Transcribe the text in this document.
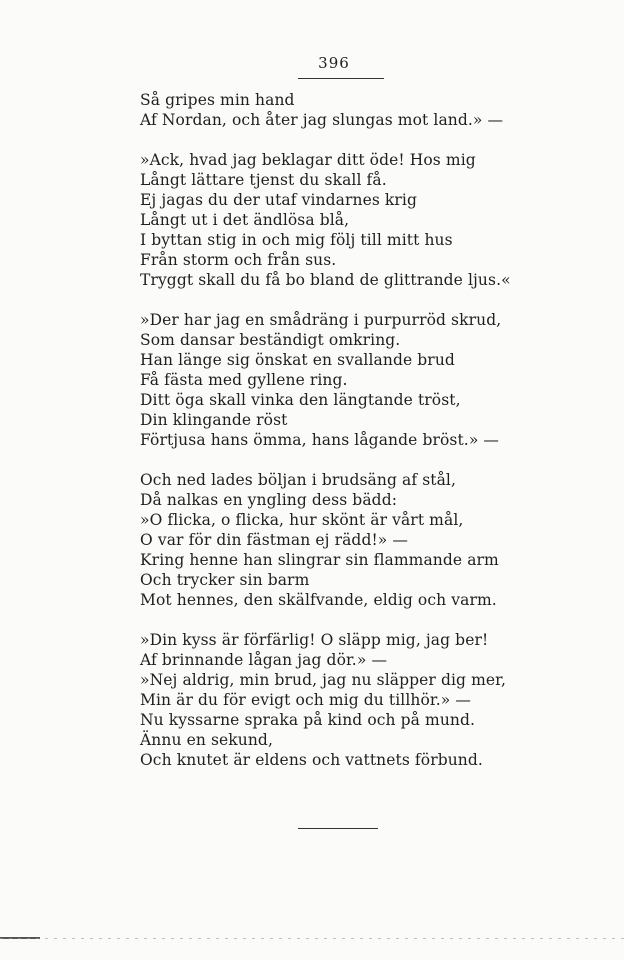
396
Så gripes min hand
Af Nordan, och åter jag slungas mot land.» —
»Ack, hvad jag beklagar ditt öde! Hos mig
Långt lättare tjenst du skall få.
Ej jagas du der utaf vindarnes krig
Långt ut i det ändlösa blå,
I byttan stig in och mig följ till mitt hus
Från storm och från sus.
Tryggt skall du få bo bland de glittrande ljus.«
»Der har jag en smådräng i purpurröd skrud,
Som dansar beständigt omkring.
Han länge sig önskat en svallande brud
Få fästa med gyllene ring.
Ditt öga skall vinka den längtande tröst,
Din klingande röst
Förtjusa hans ömma, hans lågande bröst.» —
Och ned lades böljan i brudsäng af stål,
Då nalkas en yngling dess bädd:
»O flicka, o flicka, hur skönt är vårt mål,
O var för din fästman ej rädd!» —
Kring henne han slingrar sin flammande arm
Och trycker sin barm
Mot hennes, den skälfvande, eldig och varm.
»Din kyss är förfärlig! O släpp mig, jag ber!
Af brinnande lågan jag dör.» —
»Nej aldrig, min brud, jag nu släpper dig mer,
Min är du för evigt och mig du tillhör.» —
Nu kyssarne spraka på kind och på mund.
Ännu en sekund,
Och knutet är eldens och vattnets förbund.
